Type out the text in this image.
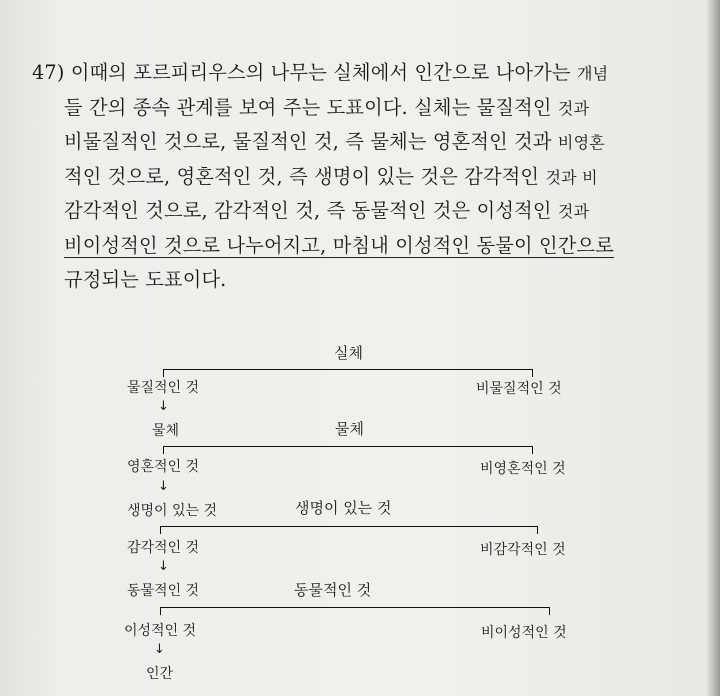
47) 이때의 포르피리우스의 나무는 실체에서 인간으로 나아가는 개념
들 간의 종속 관계를 보여 주는 도표이다. 실체는 물질적인 것과
비물질적인 것으로, 물질적인 것, 즉 물체는 영혼적인 것과 비영혼
적인 것으로, 영혼적인 것, 즉 생명이 있는 것은 감각적인 것과 비
감각적인 것으로, 감각적인 것, 즉 동물적인 것은 이성적인 것과
비이성적인 것으로 나누어지고, 마침내 이성적인 동물이 인간으로
규정되는 도표이다.
실체
물질적인 것	비물질적인 것
↓
물체	물체
영혼적인 것	비영혼적인 것
↓
생명이 있는 것	생명이 있는 것
감각적인 것	비감각적인 것
↓
동물적인 것	동물적인 것
이성적인 것	비이성적인 것
↓
인간
